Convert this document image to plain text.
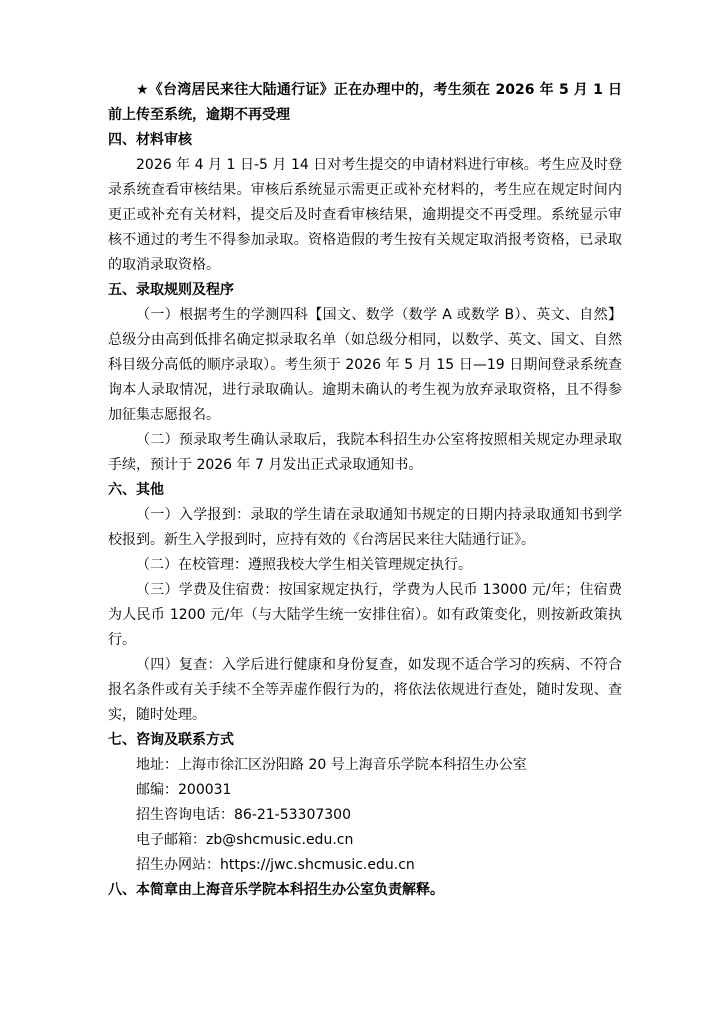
★《台湾居民来往大陆通行证》正在办理中的，考生须在 2026 年 5 月 1 日前上传至系统，逾期不再受理

四、材料审核

2026 年 4 月 1 日-5 月 14 日对考生提交的申请材料进行审核。考生应及时登录系统查看审核结果。审核后系统显示需更正或补充材料的，考生应在规定时间内更正或补充有关材料，提交后及时查看审核结果，逾期提交不再受理。系统显示审核不通过的考生不得参加录取。资格造假的考生按有关规定取消报考资格，已录取的取消录取资格。

五、录取规则及程序

（一）根据考生的学测四科【国文、数学（数学 A 或数学 B）、英文、自然】总级分由高到低排名确定拟录取名单（如总级分相同，以数学、英文、国文、自然科目级分高低的顺序录取）。考生须于 2026 年 5 月 15 日—19 日期间登录系统查询本人录取情况，进行录取确认。逾期未确认的考生视为放弃录取资格，且不得参加征集志愿报名。

（二）预录取考生确认录取后，我院本科招生办公室将按照相关规定办理录取手续，预计于 2026 年 7 月发出正式录取通知书。

六、其他

（一）入学报到：录取的学生请在录取通知书规定的日期内持录取通知书到学校报到。新生入学报到时，应持有效的《台湾居民来往大陆通行证》。

（二）在校管理：遵照我校大学生相关管理规定执行。

（三）学费及住宿费：按国家规定执行，学费为人民币 13000 元/年；住宿费为人民币 1200 元/年（与大陆学生统一安排住宿）。如有政策变化，则按新政策执行。

（四）复查：入学后进行健康和身份复查，如发现不适合学习的疾病、不符合报名条件或有关手续不全等弄虚作假行为的，将依法依规进行查处，随时发现、查实，随时处理。

七、咨询及联系方式

地址：上海市徐汇区汾阳路 20 号上海音乐学院本科招生办公室

邮编：200031

招生咨询电话：86-21-53307300

电子邮箱：zb@shcmusic.edu.cn

招生办网站：https://jwc.shcmusic.edu.cn

八、本简章由上海音乐学院本科招生办公室负责解释。
